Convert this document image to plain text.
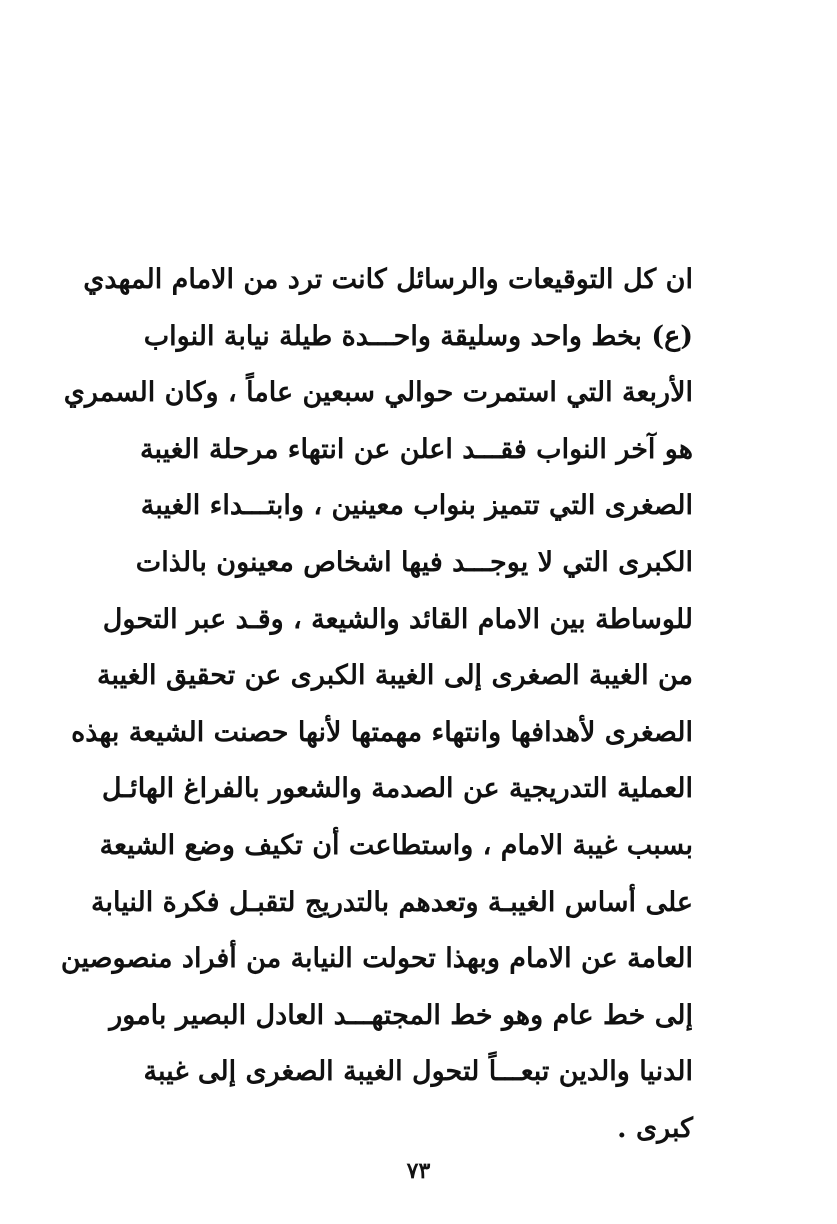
ان كل التوقيعات والرسائل كانت ترد من الامام المهدي
(ع) بخط واحد وسليقة واحـــدة طيلة نيابة النواب
الأربعة التي استمرت حوالي سبعين عاماً ، وكان السمري
هو آخر النواب فقـــد اعلن عن انتهاء مرحلة الغيبة
الصغرى التي تتميز بنواب معينين ، وابتـــداء الغيبة
الكبرى التي لا يوجـــد فيها اشخاص معينون بالذات
للوساطة بين الامام القائد والشيعة ، وقـد عبر التحول
من الغيبة الصغرى إلى الغيبة الكبرى عن تحقيق الغيبة
الصغرى لأهدافها وانتهاء مهمتها لأنها حصنت الشيعة بهذه
العملية التدريجية عن الصدمة والشعور بالفراغ الهائـل
بسبب غيبة الامام ، واستطاعت أن تكيف وضع الشيعة
على أساس الغيبـة وتعدهم بالتدريج لتقبـل فكرة النيابة
العامة عن الامام وبهذا تحولت النيابة من أفراد منصوصين
إلى خط عام وهو خط المجتهـــد العادل البصير بامور
الدنيا والدين تبعـــاً لتحول الغيبة الصغرى إلى غيبة
كبرى .
٧٣
